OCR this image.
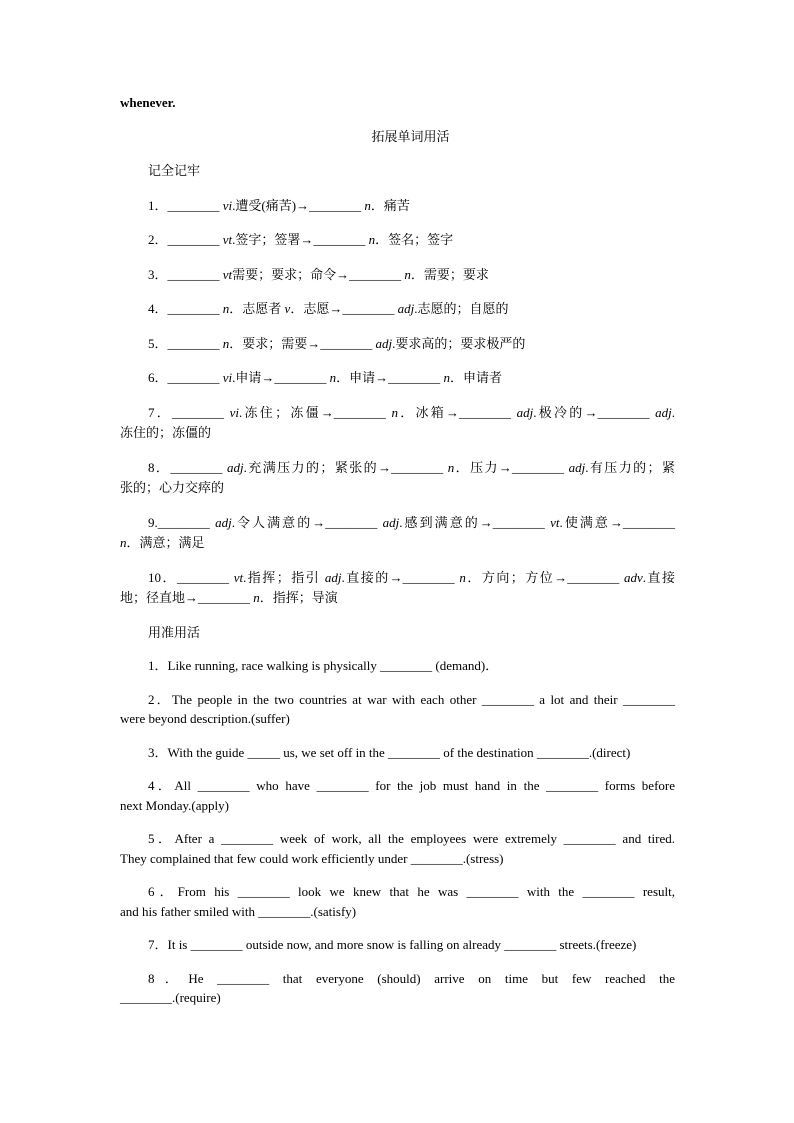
whenever.
拓展单词用活
记全记牢
1．________ vi.遭受(痛苦)→________ n．痛苦
2．________ vt.签字；签署→________ n．签名；签字
3．________ vt需要；要求；命令→________ n．需要；要求
4．________ n．志愿者 v．志愿→________ adj.志愿的；自愿的
5．________ n．要求；需要→________ adj.要求高的；要求极严的
6．________ vi.申请→________ n．申请→________ n．申请者
7．________ vi.冻住；冻僵→________ n．冰箱→________ adj.极冷的→________ adj.
冻住的；冻僵的
8．________ adj.充满压力的；紧张的→________ n．压力→________ adj.有压力的；紧
张的；心力交瘁的
9.________ adj.令人满意的→________ adj.感到满意的→________ vt.使满意→________
n．满意；满足
10．________ vt.指挥；指引 adj.直接的→________ n．方向；方位→________ adv.直接
地；径直地→________ n．指挥；导演
用准用活
1．Like running, race walking is physically ________ (demand)．
2．The people in the two countries at war with each other ________ a lot and their ________
were beyond description.(suffer)
3．With the guide _____ us, we set off in the ________ of the destination ________.(direct)
4．All ________ who have ________ for the job must hand in the ________ forms before
next Monday.(apply)
5．After a ________ week of work, all the employees were extremely ________ and tired.
They complained that few could work efficiently under ________.(stress)
6．From his ________ look we knew that he was ________ with the ________ result,
and his father smiled with ________.(satisfy)
7．It is ________ outside now, and more snow is falling on already ________ streets.(freeze)
8．He ________ that everyone (should) arrive on time but few reached the
________.(require)
